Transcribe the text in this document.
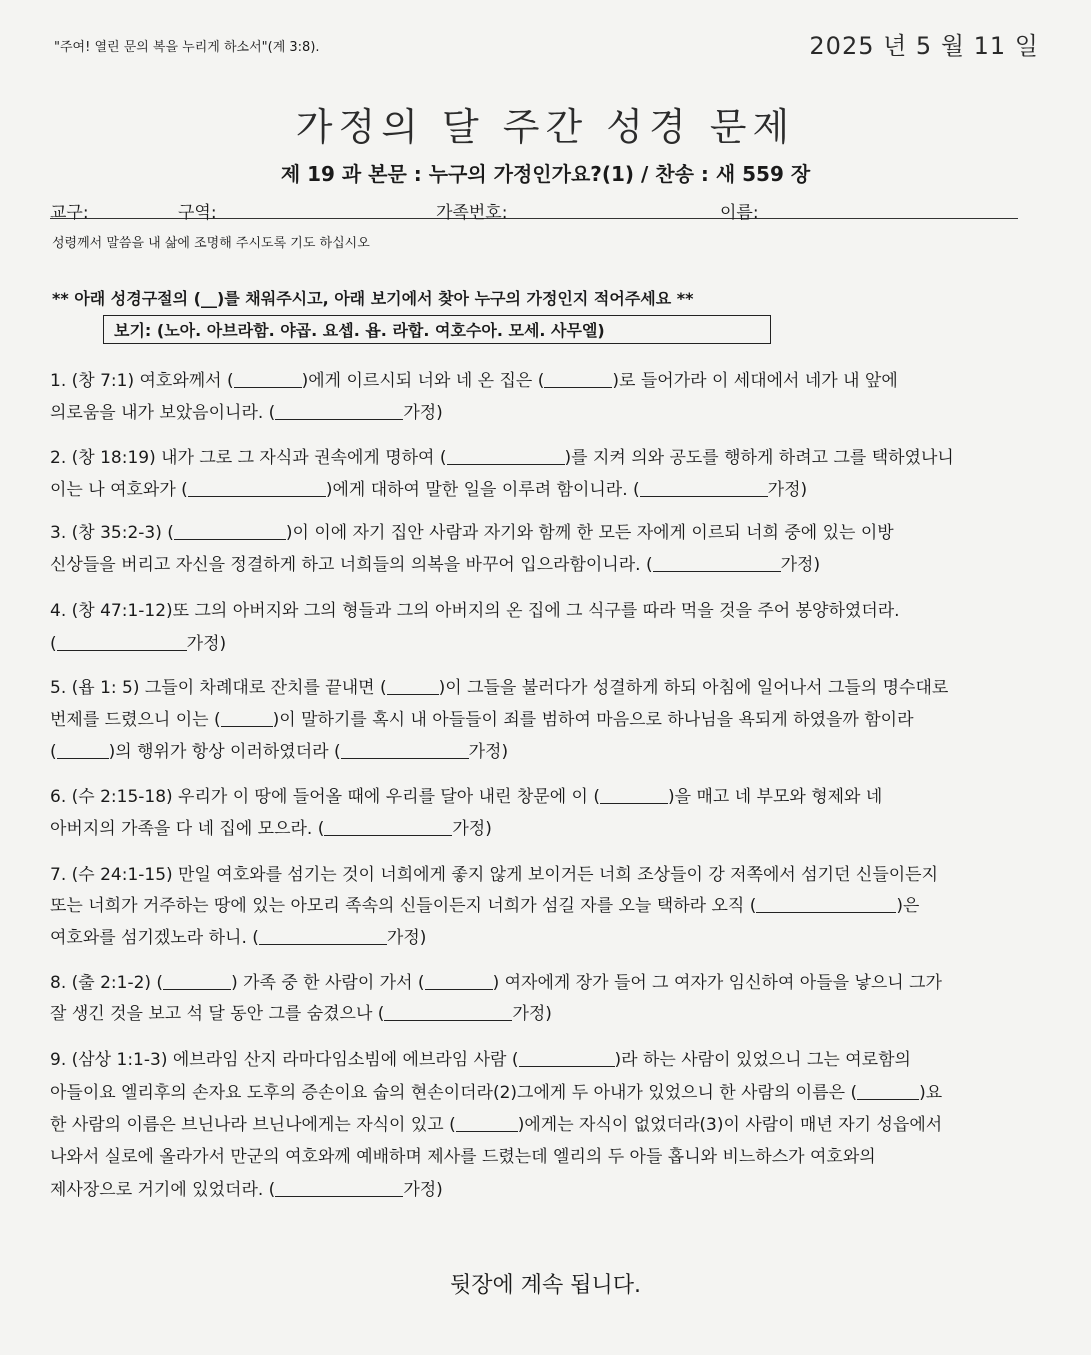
"주여! 열린 문의 복을 누리게 하소서"(계 3:8).	2025 년 5 월 11 일
가정의 달 주간 성경 문제
제 19 과 본문 : 누구의 가정인가요?(1) / 찬송 : 새 559 장
교구:	구역:	가족번호:	이름:
성령께서 말씀을 내 삶에 조명해 주시도록 기도 하십시오
** 아래 성경구절의 (__)를 채워주시고, 아래 보기에서 찾아 누구의 가정인지 적어주세요 **
보기: (노아. 아브라함. 야곱. 요셉. 욥. 라합. 여호수아. 모세. 사무엘)
1. (창 7:1) 여호와께서 (	)에게 이르시되 너와 네 온 집은 (	)로 들어가라 이 세대에서 네가 내 앞에
의로움을 내가 보았음이니라. (	가정)
2. (창 18:19) 내가 그로 그 자식과 권속에게 명하여 (	)를 지켜 의와 공도를 행하게 하려고 그를 택하였나니
이는 나 여호와가 (	)에게 대하여 말한 일을 이루려 함이니라. (	가정)
3. (창 35:2-3) (	)이 이에 자기 집안 사람과 자기와 함께 한 모든 자에게 이르되 너희 중에 있는 이방
신상들을 버리고 자신을 정결하게 하고 너희들의 의복을 바꾸어 입으라함이니라. (	가정)
4. (창 47:1-12)또 그의 아버지와 그의 형들과 그의 아버지의 온 집에 그 식구를 따라 먹을 것을 주어 봉양하였더라.
(	가정)
5. (욥 1: 5) 그들이 차례대로 잔치를 끝내면 (	)이 그들을 불러다가 성결하게 하되 아침에 일어나서 그들의 명수대로
번제를 드렸으니 이는 (	)이 말하기를 혹시 내 아들들이 죄를 범하여 마음으로 하나님을 욕되게 하였을까 함이라
(	)의 행위가 항상 이러하였더라 (	가정)
6. (수 2:15-18) 우리가 이 땅에 들어올 때에 우리를 달아 내린 창문에 이 (	)을 매고 네 부모와 형제와 네
아버지의 가족을 다 네 집에 모으라. (	가정)
7. (수 24:1-15) 만일 여호와를 섬기는 것이 너희에게 좋지 않게 보이거든 너희 조상들이 강 저쪽에서 섬기던 신들이든지
또는 너희가 거주하는 땅에 있는 아모리 족속의 신들이든지 너희가 섬길 자를 오늘 택하라 오직 (	)은
여호와를 섬기겠노라 하니. (	가정)
8. (출 2:1-2) (	) 가족 중 한 사람이 가서 (	) 여자에게 장가 들어 그 여자가 임신하여 아들을 낳으니 그가
잘 생긴 것을 보고 석 달 동안 그를 숨겼으나 (	가정)
9. (삼상 1:1-3) 에브라임 산지 라마다임소빔에 에브라임 사람 (	)라 하는 사람이 있었으니 그는 여로함의
아들이요 엘리후의 손자요 도후의 증손이요 숩의 현손이더라(2)그에게 두 아내가 있었으니 한 사람의 이름은 (	)요
한 사람의 이름은 브닌나라 브닌나에게는 자식이 있고 (	)에게는 자식이 없었더라(3)이 사람이 매년 자기 성읍에서
나와서 실로에 올라가서 만군의 여호와께 예배하며 제사를 드렸는데 엘리의 두 아들 홉니와 비느하스가 여호와의
제사장으로 거기에 있었더라. (	가정)
뒷장에 계속 됩니다.
